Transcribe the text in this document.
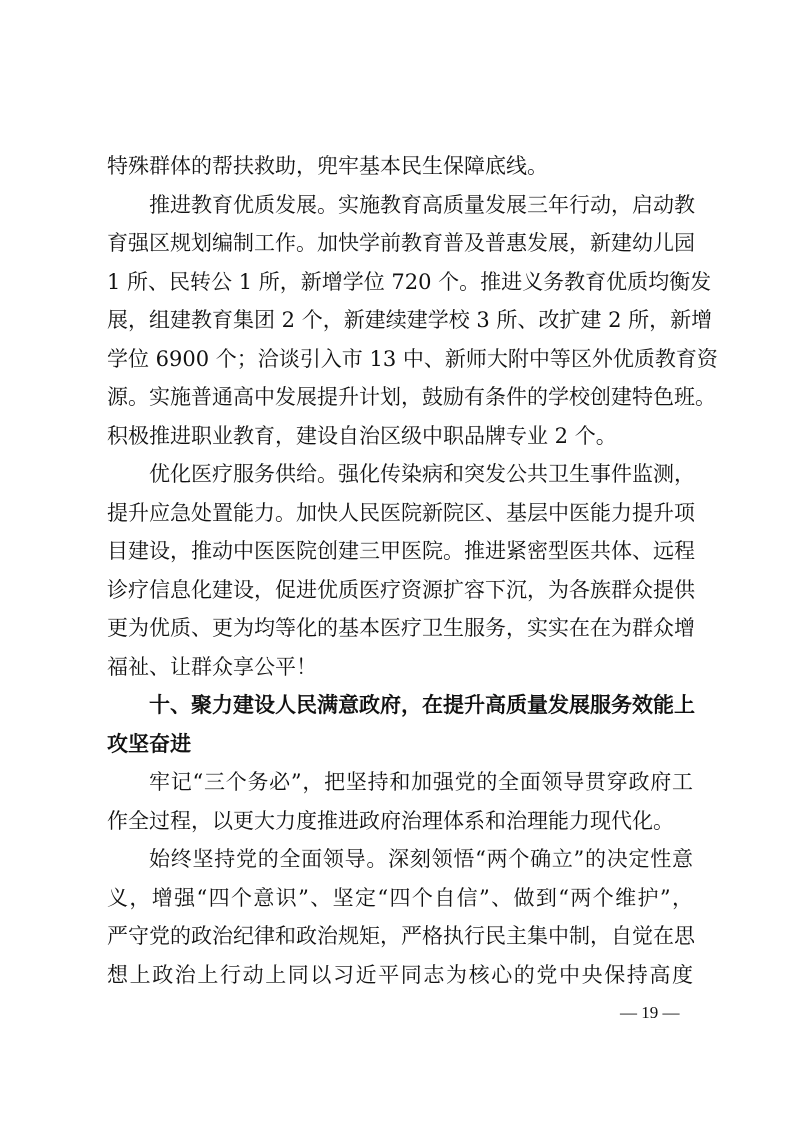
特殊群体的帮扶救助，兜牢基本民生保障底线。
推进教育优质发展。实施教育高质量发展三年行动，启动教
育强区规划编制工作。加快学前教育普及普惠发展，新建幼儿园
1 所、民转公 1 所，新增学位 720 个。推进义务教育优质均衡发
展，组建教育集团 2 个，新建续建学校 3 所、改扩建 2 所，新增
学位 6900 个；洽谈引入市 13 中、新师大附中等区外优质教育资
源。实施普通高中发展提升计划，鼓励有条件的学校创建特色班。
积极推进职业教育，建设自治区级中职品牌专业 2 个。
优化医疗服务供给。强化传染病和突发公共卫生事件监测，
提升应急处置能力。加快人民医院新院区、基层中医能力提升项
目建设，推动中医医院创建三甲医院。推进紧密型医共体、远程
诊疗信息化建设，促进优质医疗资源扩容下沉，为各族群众提供
更为优质、更为均等化的基本医疗卫生服务，实实在在为群众增
福祉、让群众享公平！
十、聚力建设人民满意政府，在提升高质量发展服务效能上
攻坚奋进
牢记“三个务必”，把坚持和加强党的全面领导贯穿政府工
作全过程，以更大力度推进政府治理体系和治理能力现代化。
始终坚持党的全面领导。深刻领悟“两个确立”的决定性意
义，增强“四个意识”、坚定“四个自信”、做到“两个维护”，
严守党的政治纪律和政治规矩，严格执行民主集中制，自觉在思
想上政治上行动上同以习近平同志为核心的党中央保持高度
— 19 —
